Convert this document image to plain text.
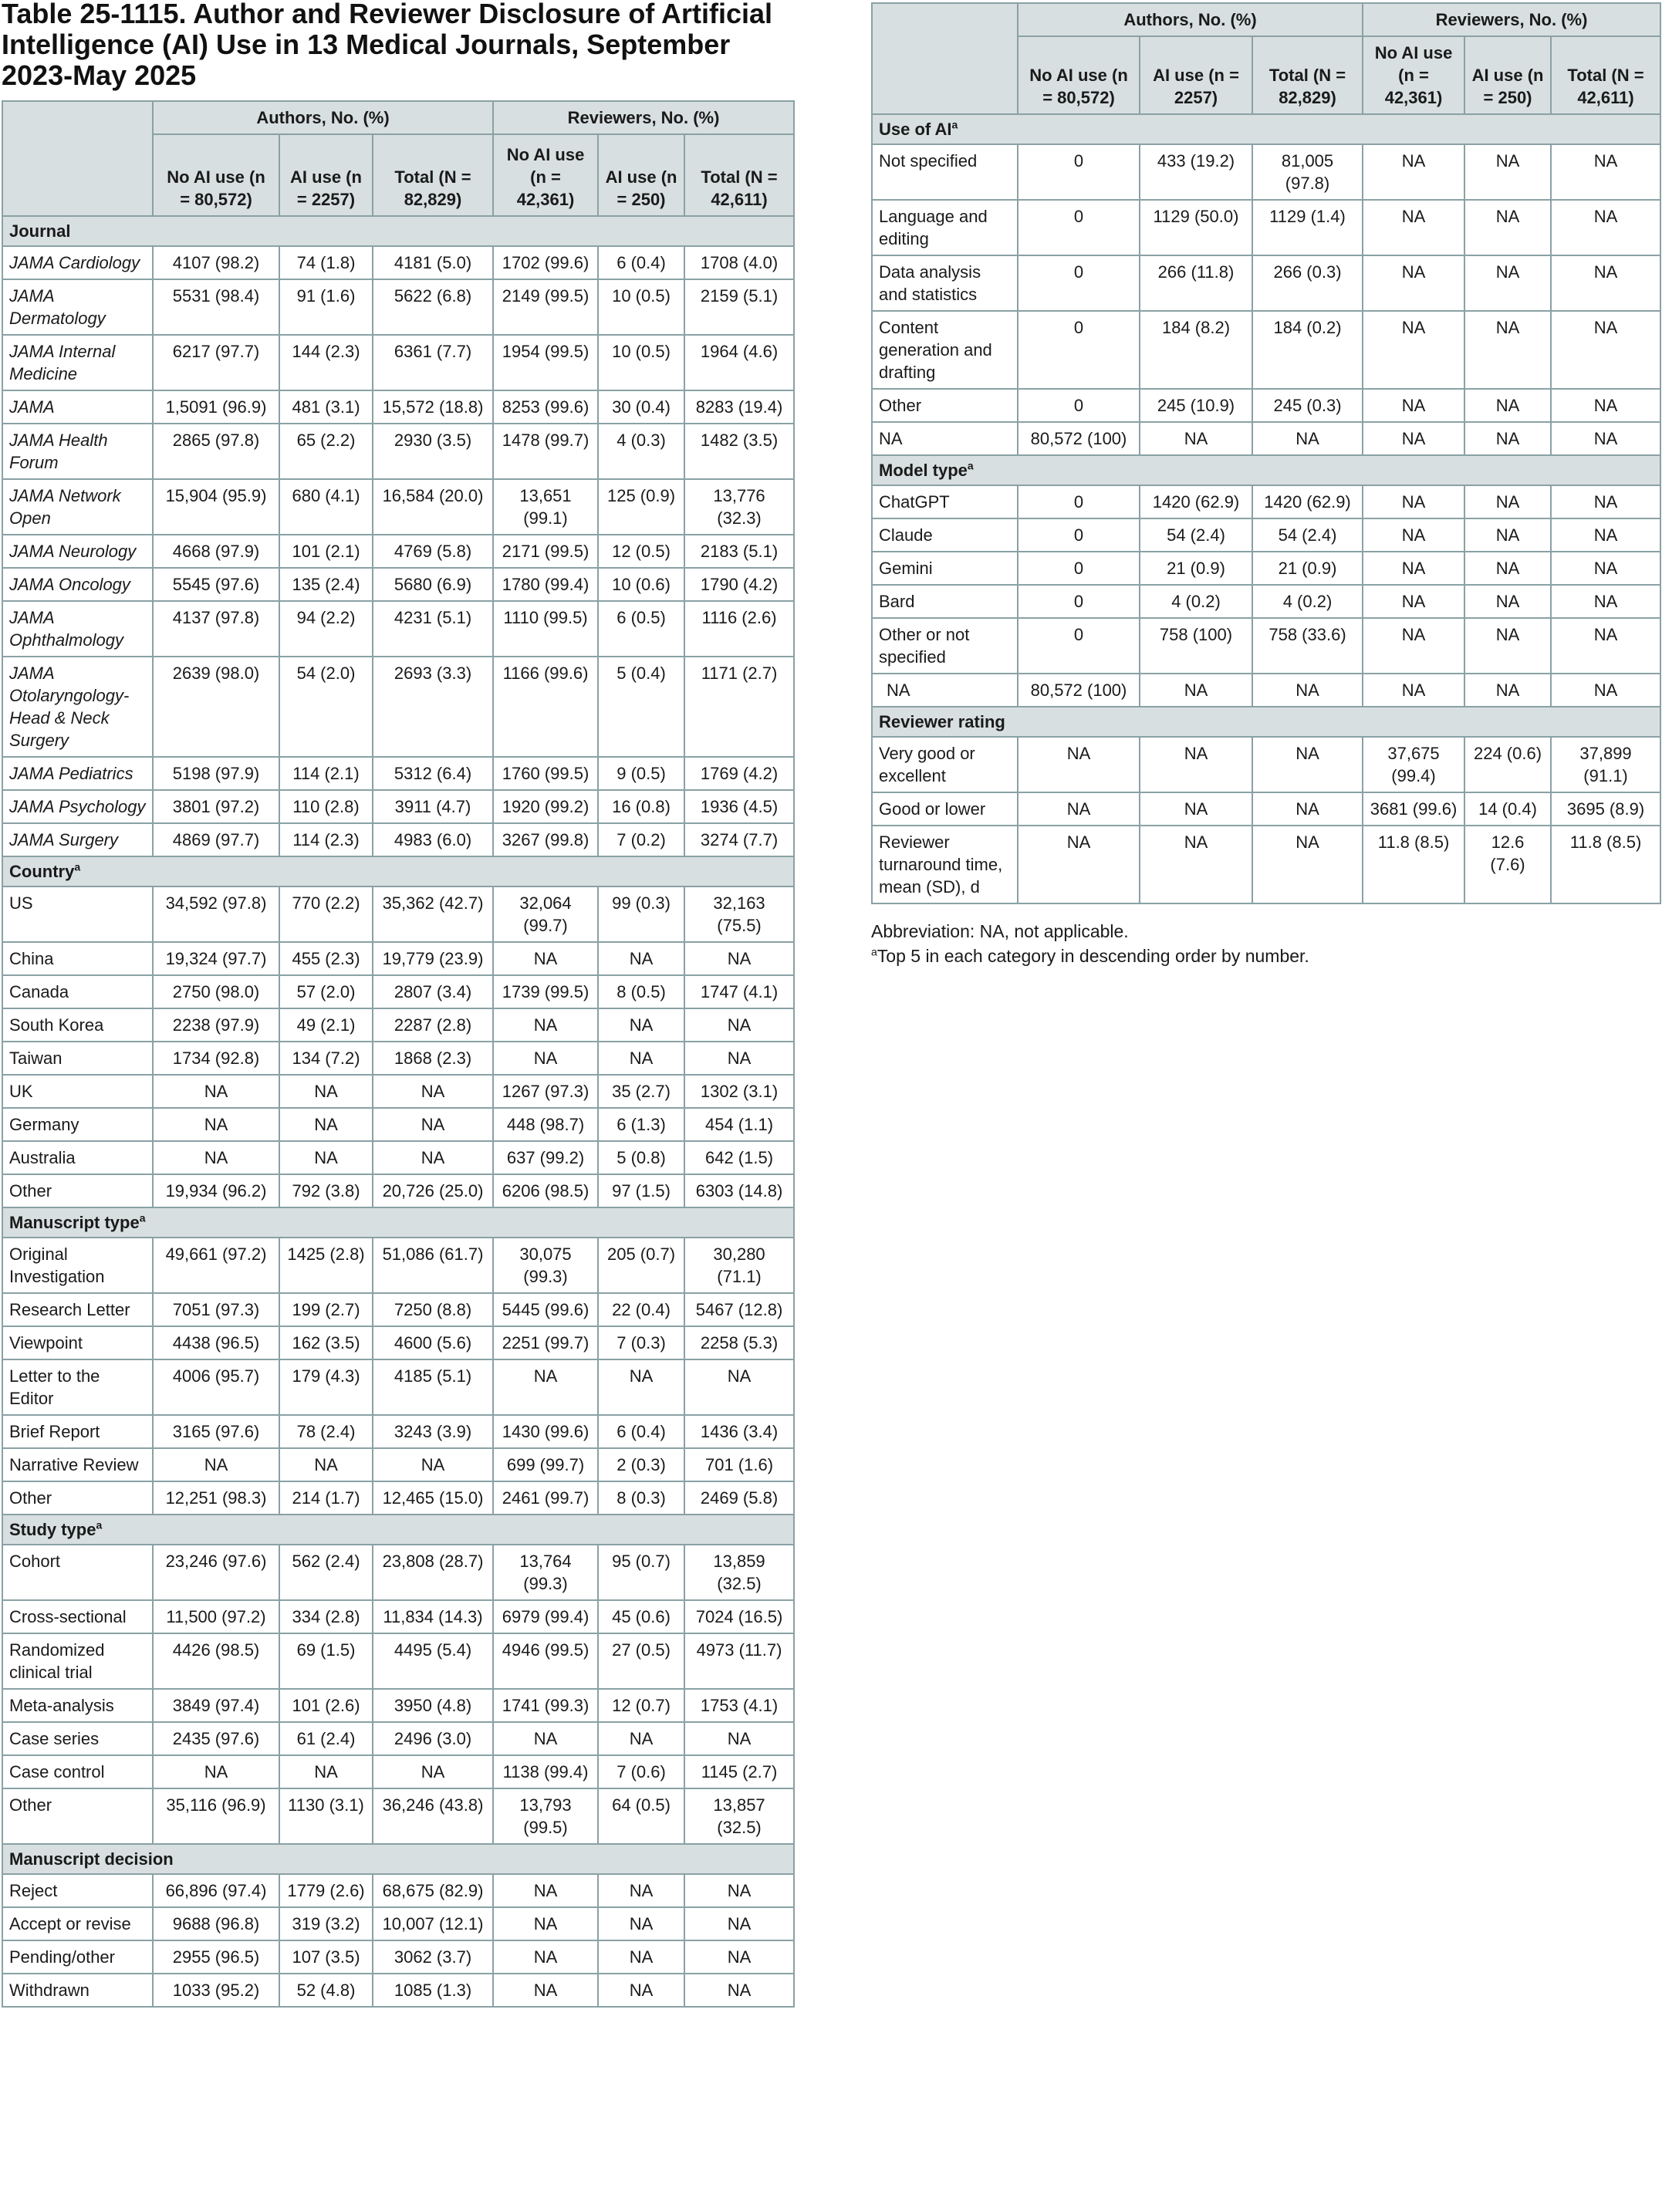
Table 25-1115. Author and Reviewer Disclosure of Artificial Intelligence (AI) Use in 13 Medical Journals, September 2023-May 2025
	Authors, No. (%)			Reviewers, No. (%)		
	No AI use (n = 80,572)	AI use (n = 2257)	Total (N = 82,829)	No AI use (n = 42,361)	AI use (n = 250)	Total (N = 42,611)
Journal						
JAMA Cardiology	4107 (98.2)	74 (1.8)	4181 (5.0)	1702 (99.6)	6 (0.4)	1708 (4.0)
JAMA Dermatology	5531 (98.4)	91 (1.6)	5622 (6.8)	2149 (99.5)	10 (0.5)	2159 (5.1)
JAMA Internal Medicine	6217 (97.7)	144 (2.3)	6361 (7.7)	1954 (99.5)	10 (0.5)	1964 (4.6)
JAMA	1,5091 (96.9)	481 (3.1)	15,572 (18.8)	8253 (99.6)	30 (0.4)	8283 (19.4)
JAMA Health Forum	2865 (97.8)	65 (2.2)	2930 (3.5)	1478 (99.7)	4 (0.3)	1482 (3.5)
JAMA Network Open	15,904 (95.9)	680 (4.1)	16,584 (20.0)	13,651 (99.1)	125 (0.9)	13,776 (32.3)
JAMA Neurology	4668 (97.9)	101 (2.1)	4769 (5.8)	2171 (99.5)	12 (0.5)	2183 (5.1)
JAMA Oncology	5545 (97.6)	135 (2.4)	5680 (6.9)	1780 (99.4)	10 (0.6)	1790 (4.2)
JAMA Ophthalmology	4137 (97.8)	94 (2.2)	4231 (5.1)	1110 (99.5)	6 (0.5)	1116 (2.6)
JAMA Otolaryngology-Head & Neck Surgery	2639 (98.0)	54 (2.0)	2693 (3.3)	1166 (99.6)	5 (0.4)	1171 (2.7)
JAMA Pediatrics	5198 (97.9)	114 (2.1)	5312 (6.4)	1760 (99.5)	9 (0.5)	1769 (4.2)
JAMA Psychology	3801 (97.2)	110 (2.8)	3911 (4.7)	1920 (99.2)	16 (0.8)	1936 (4.5)
JAMA Surgery	4869 (97.7)	114 (2.3)	4983 (6.0)	3267 (99.8)	7 (0.2)	3274 (7.7)
Country$^a$
US	34,592 (97.8)	770 (2.2)	35,362 (42.7)	32,064 (99.7)	99 (0.3)	32,163 (75.5)
China	19,324 (97.7)	455 (2.3)	19,779 (23.9)	NA	NA	NA
Canada	2750 (98.0)	57 (2.0)	2807 (3.4)	1739 (99.5)	8 (0.5)	1747 (4.1)
South Korea	2238 (97.9)	49 (2.1)	2287 (2.8)	NA	NA	NA
Taiwan	1734 (92.8)	134 (7.2)	1868 (2.3)	NA	NA	NA
UK	NA	NA	NA	1267 (97.3)	35 (2.7)	1302 (3.1)
Germany	NA	NA	NA	448 (98.7)	6 (1.3)	454 (1.1)
Australia	NA	NA	NA	637 (99.2)	5 (0.8)	642 (1.5)
Other	19,934 (96.2)	792 (3.8)	20,726 (25.0)	6206 (98.5)	97 (1.5)	6303 (14.8)
Manuscript type$^a$
Original Investigation	49,661 (97.2)	1425 (2.8)	51,086 (61.7)	30,075 (99.3)	205 (0.7)	30,280 (71.1)
Research Letter	7051 (97.3)	199 (2.7)	7250 (8.8)	5445 (99.6)	22 (0.4)	5467 (12.8)
Viewpoint	4438 (96.5)	162 (3.5)	4600 (5.6)	2251 (99.7)	7 (0.3)	2258 (5.3)
Letter to the Editor	4006 (95.7)	179 (4.3)	4185 (5.1)	NA	NA	NA
Brief Report	3165 (97.6)	78 (2.4)	3243 (3.9)	1430 (99.6)	6 (0.4)	1436 (3.4)
Narrative Review	NA	NA	NA	699 (99.7)	2 (0.3)	701 (1.6)
Other	12,251 (98.3)	214 (1.7)	12,465 (15.0)	2461 (99.7)	8 (0.3)	2469 (5.8)
Study type$^a$
Cohort	23,246 (97.6)	562 (2.4)	23,808 (28.7)	13,764 (99.3)	95 (0.7)	13,859 (32.5)
Cross-sectional	11,500 (97.2)	334 (2.8)	11,834 (14.3)	6979 (99.4)	45 (0.6)	7024 (16.5)
Randomized clinical trial	4426 (98.5)	69 (1.5)	4495 (5.4)	4946 (99.5)	27 (0.5)	4973 (11.7)
Meta-analysis	3849 (97.4)	101 (2.6)	3950 (4.8)	1741 (99.3)	12 (0.7)	1753 (4.1)
Case series	2435 (97.6)	61 (2.4)	2496 (3.0)	NA	NA	NA
Case control	NA	NA	NA	1138 (99.4)	7 (0.6)	1145 (2.7)
Other	35,116 (96.9)	1130 (3.1)	36,246 (43.8)	13,793 (99.5)	64 (0.5)	13,857 (32.5)
Manuscript decision						
Reject	66,896 (97.4)	1779 (2.6)	68,675 (82.9)	NA	NA	NA
Accept or revise	9688 (96.8)	319 (3.2)	10,007 (12.1)	NA	NA	NA
Pending/other	2955 (96.5)	107 (3.5)	3062 (3.7)	NA	NA	NA
Withdrawn	1033 (95.2)	52 (4.8)	1085 (1.3)	NA	NA	NA
	Authors, No. (%)			Reviewers, No. (%)		
	No AI use (n = 80,572)	AI use (n = 2257)	Total (N = 82,829)	No AI use (n = 42,361)	AI use (n = 250)	Total (N = 42,611)
Use of $AI^a$
Not specified	0	433 (19.2)	81,005 (97.8)	NA	NA	NA
Language and editing	0	1129 (50.0)	1129 (1.4)	NA	NA	NA
Data analysis and statistics	0	266 (11.8)	266 (0.3)	NA	NA	NA
Content generation and drafting	0	184 (8.2)	184 (0.2)	NA	NA	NA
Other	0	245 (10.9)	245 (0.3)	NA	NA	NA
NA	80,572 (100)	NA	NA	NA	NA	NA
Model type$^a$
ChatGPT	0	1420 (62.9)	1420 (62.9)	NA	NA	NA
Claude	0	54 (2.4)	54 (2.4)	NA	NA	NA
Gemini	0	21 (0.9)	21 (0.9)	NA	NA	NA
Bard	0	4 (0.2)	4 (0.2)	NA	NA	NA
Other or not specified	0	758 (100)	758 (33.6)	NA	NA	NA
NA	80,572 (100)	NA	NA	NA	NA	NA
Reviewer rating						
Very good or excellent	NA	NA	NA	37,675 (99.4)	224 (0.6)	37,899 (91.1)
Good or lower	NA	NA	NA	3681 (99.6)	14 (0.4)	3695 (8.9)
Reviewer turnaround time, mean (SD), d	NA	NA	NA	11.8 (8.5)	12.6 (7.6)	11.8 (8.5)
Abbreviation: NA, not applicable.
$^a$Top 5 in each category in descending order by number.
